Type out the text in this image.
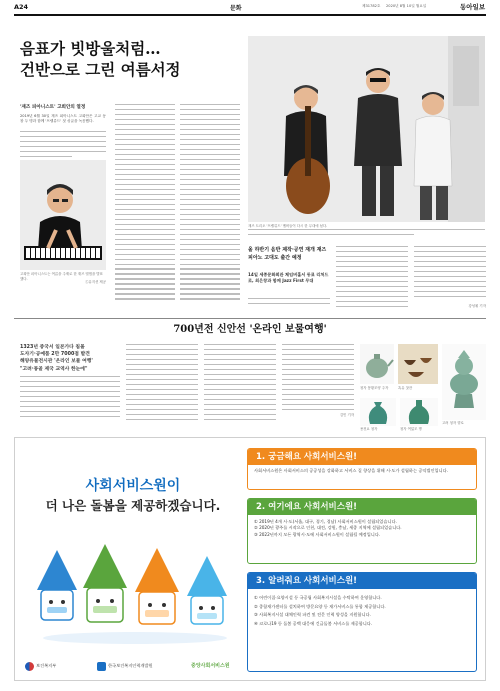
A24	문화	제31782호 2020년 8월 10일 월요일	동아일보
음표가 빗방울처럼…
건반으로 그린 여름서정
'재즈 피아니스트' 고희안의 열정
2019년 6월 30일 재즈 피아니스트 고희안은 고교 동창 두 명과 함께 '프렐류드' 첫 싱글을 녹음했다.
고희안 피아니스트는 여름을 주제로 한 재즈 앨범을 발표했다.
Ⓒ뮤지션 제공
재즈 트리오 '프렐류드' 멤버들이 다시 한 무대에 섰다.
올 하반기 음반 제작·공연 재개 재즈 피아노 고대도 출간 예정
14일 세종문화회관 체임버홀서 동료 리처드 로, 최은창과 함께 Jazz First 무대
강성휘 기자
700년전 신안선 '온라인 보물여행'
1323년 중국서 일본가다 침몰
도자기·공예품 2만 7000점 발견
해양유물전시관 '온라인 보물 여행'
"고려·몽골 제국 교역사 한눈에"
김민 기자
청자 봉황모양 주자	흑유 찻잔
청자 여덟모 병
용천요 청자
고려 청자 향로
사회서비스원이
더 나은 돌봄을 제공하겠습니다.
보건복지부	한국보건복지인력개발원	중앙사회서비스원
1. 궁금해요 사회서비스원!
사회서비스원은 사회서비스의 공공성을 강화하고 서비스 질 향상을 위해 시·도가 설립하는 공익법인입니다.
2. 여기에요 사회서비스원!
① 2019년 4개 시·도(서울, 대구, 경기, 경남) 사회서비스원이 설립되었습니다.
② 2020년 광주를 시작으로 인천, 대전, 강원, 충남, 세종 지역에 설립되었습니다.
③ 2022년까지 모든 광역시·도에 사회서비스원이 설립될 예정입니다.
3. 알려줘요 사회서비스원!
① 어린이집·요양시설 등 국공립 사회복지시설을 수탁하여 운영합니다.
② 종합재가센터를 설치하여 방문요양 등 재가서비스를 통합 제공합니다.
③ 사회복지시설 대체인력 파견 및 전문 인력 양성을 지원합니다.
④ 코로나19 등 돌봄 공백 대응에 긴급돌봄 서비스를 제공합니다.
